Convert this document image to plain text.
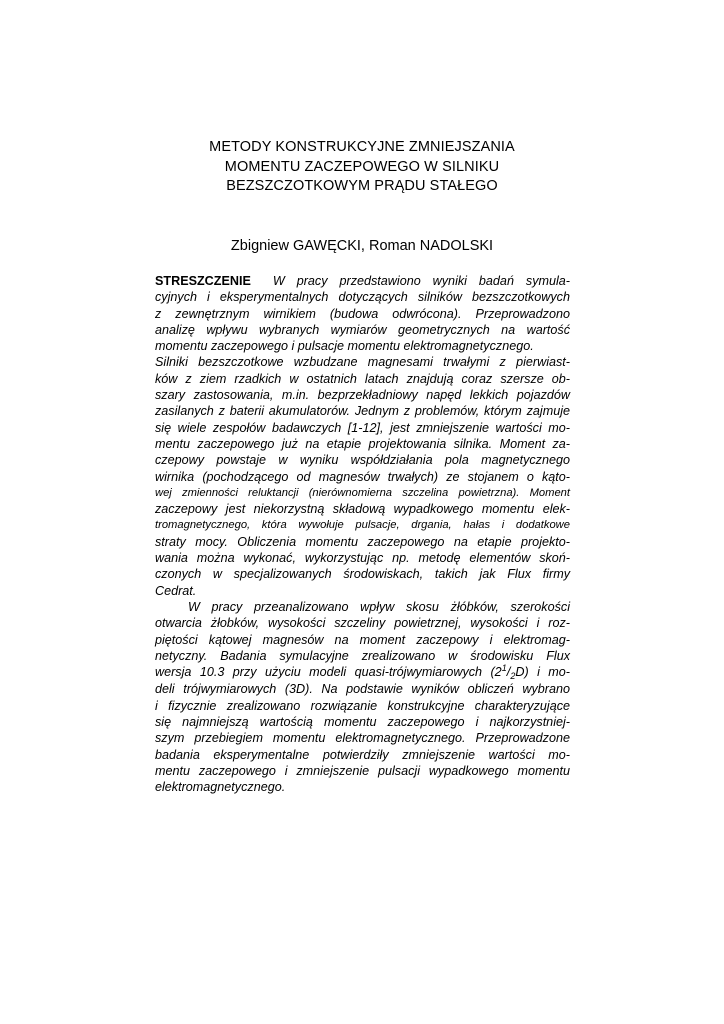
METODY KONSTRUKCYJNE ZMNIEJSZANIA
MOMENTU ZACZEPOWEGO W SILNIKU
BEZSZCZOTKOWYM PRĄDU STAŁEGO
Zbigniew GAWĘCKI, Roman NADOLSKI
STRESZCZENIE W pracy przedstawiono wyniki badań symula-
cyjnych i eksperymentalnych dotyczących silników bezszczotkowych
z zewnętrznym wirnikiem (budowa odwrócona). Przeprowadzono
analizę wpływu wybranych wymiarów geometrycznych na wartość
momentu zaczepowego i pulsacje momentu elektromagnetycznego.
Silniki bezszczotkowe wzbudzane magnesami trwałymi z pierwiast-
ków z ziem rzadkich w ostatnich latach znajdują coraz szersze ob-
szary zastosowania, m.in. bezprzekładniowy napęd lekkich pojazdów
zasilanych z baterii akumulatorów. Jednym z problemów, którym zajmuje
się wiele zespołów badawczych [1-12], jest zmniejszenie wartości mo-
mentu zaczepowego już na etapie projektowania silnika. Moment za-
czepowy powstaje w wyniku współdziałania pola magnetycznego
wirnika (pochodzącego od magnesów trwałych) ze stojanem o kąto-
wej zmienności reluktancji (nierównomierna szczelina powietrzna). Moment
zaczepowy jest niekorzystną składową wypadkowego momentu elek-
tromagnetycznego, która wywołuje pulsacje, drgania, hałas i dodatkowe
straty mocy. Obliczenia momentu zaczepowego na etapie projekto-
wania można wykonać, wykorzystując np. metodę elementów skoń-
czonych w specjalizowanych środowiskach, takich jak Flux firmy
Cedrat.
W pracy przeanalizowano wpływ skosu żłóbków, szerokości
otwarcia żłobków, wysokości szczeliny powietrznej, wysokości i roz-
piętości kątowej magnesów na moment zaczepowy i elektromag-
netyczny. Badania symulacyjne zrealizowano w środowisku Flux
wersja 10.3 przy użyciu modeli quasi-trójwymiarowych (21/2D) i mo-
deli trójwymiarowych (3D). Na podstawie wyników obliczeń wybrano
i fizycznie zrealizowano rozwiązanie konstrukcyjne charakteryzujące
się najmniejszą wartością momentu zaczepowego i najkorzystniej-
szym przebiegiem momentu elektromagnetycznego. Przeprowadzone
badania eksperymentalne potwierdziły zmniejszenie wartości mo-
mentu zaczepowego i zmniejszenie pulsacji wypadkowego momentu
elektromagnetycznego.
